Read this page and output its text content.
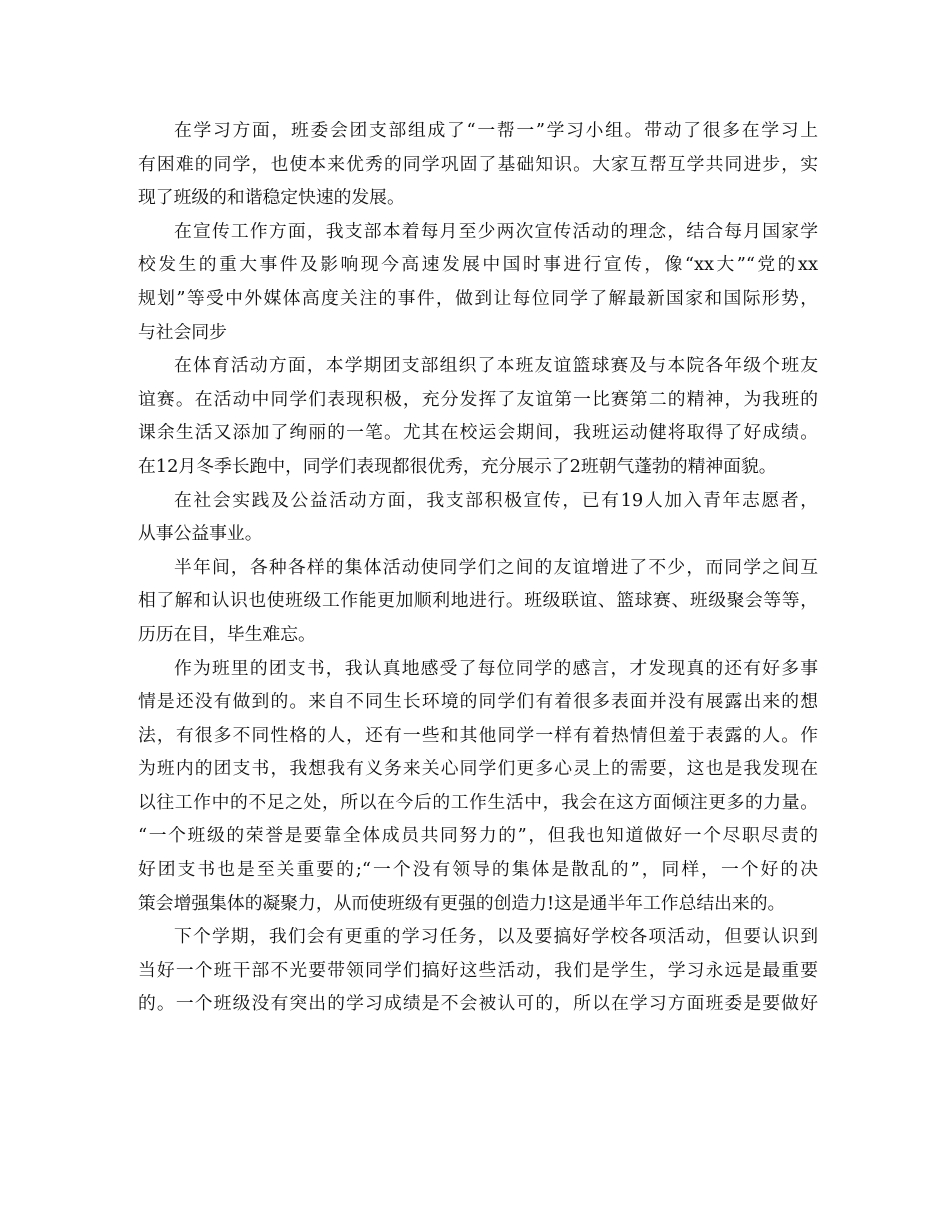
在学习方面，班委会团支部组成了“一帮一”学习小组。带动了很多在学习上
有困难的同学，也使本来优秀的同学巩固了基础知识。大家互帮互学共同进步，实
现了班级的和谐稳定快速的发展。
在宣传工作方面，我支部本着每月至少两次宣传活动的理念，结合每月国家学
校发生的重大事件及影响现今高速发展中国时事进行宣传，像“xx大”“党的xx
规划”等受中外媒体高度关注的事件，做到让每位同学了解最新国家和国际形势，
与社会同步
在体育活动方面，本学期团支部组织了本班友谊篮球赛及与本院各年级个班友
谊赛。在活动中同学们表现积极，充分发挥了友谊第一比赛第二的精神，为我班的
课余生活又添加了绚丽的一笔。尤其在校运会期间，我班运动健将取得了好成绩。
在12月冬季长跑中，同学们表现都很优秀，充分展示了2班朝气蓬勃的精神面貌。
在社会实践及公益活动方面，我支部积极宣传，已有19人加入青年志愿者，
从事公益事业。
半年间，各种各样的集体活动使同学们之间的友谊增进了不少，而同学之间互
相了解和认识也使班级工作能更加顺利地进行。班级联谊、篮球赛、班级聚会等等，
历历在目，毕生难忘。
作为班里的团支书，我认真地感受了每位同学的感言，才发现真的还有好多事
情是还没有做到的。来自不同生长环境的同学们有着很多表面并没有展露出来的想
法，有很多不同性格的人，还有一些和其他同学一样有着热情但羞于表露的人。作
为班内的团支书，我想我有义务来关心同学们更多心灵上的需要，这也是我发现在
以往工作中的不足之处，所以在今后的工作生活中，我会在这方面倾注更多的力量。
“一个班级的荣誉是要靠全体成员共同努力的”，但我也知道做好一个尽职尽责的
好团支书也是至关重要的;“一个没有领导的集体是散乱的”，同样，一个好的决
策会增强集体的凝聚力，从而使班级有更强的创造力!这是通半年工作总结出来的。
下个学期，我们会有更重的学习任务，以及要搞好学校各项活动，但要认识到
当好一个班干部不光要带领同学们搞好这些活动，我们是学生，学习永远是最重要
的。一个班级没有突出的学习成绩是不会被认可的，所以在学习方面班委是要做好
